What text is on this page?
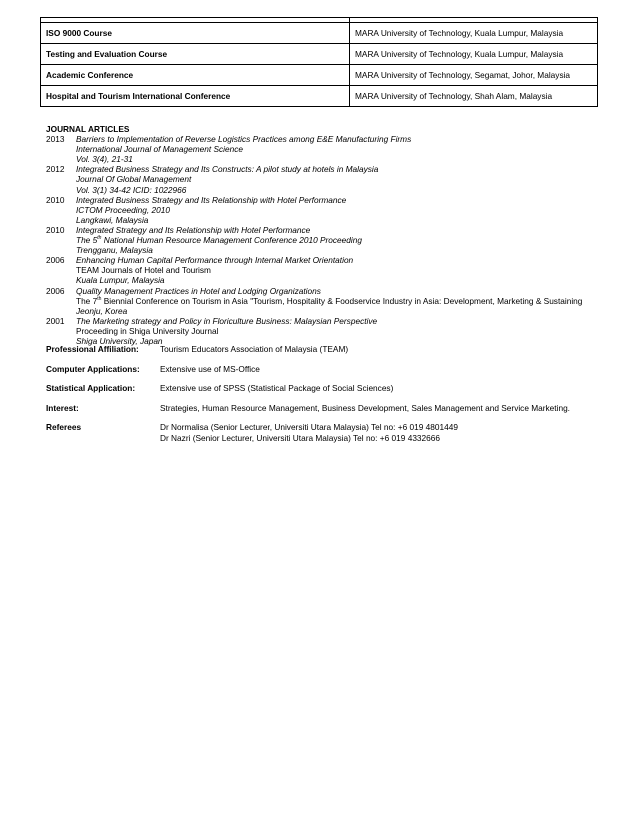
ISO 9000 Course	MARA University of Technology, Kuala Lumpur, Malaysia
Testing and Evaluation Course	MARA University of Technology, Kuala Lumpur, Malaysia
Academic Conference	MARA University of Technology, Segamat, Johor, Malaysia
Hospital and Tourism International Conference	MARA University of Technology, Shah Alam, Malaysia
JOURNAL ARTICLES
2013	Barriers to Implementation of Reverse Logistics Practices among E&E Manufacturing Firms
International Journal of Management Science
Vol. 3(4), 21-31
2012	Integrated Business Strategy and Its Constructs: A pilot study at hotels in Malaysia
Journal Of Global Management
Vol. 3(1) 34-42 ICID: 1022966
2010	Integrated Business Strategy and Its Relationship with Hotel Performance
ICTOM Proceeding, 2010
Langkawi, Malaysia
2010	Integrated Strategy and Its Relationship with Hotel Performance
The 5th National Human Resource Management Conference 2010 Proceeding
Trengganu, Malaysia
2006	Enhancing Human Capital Performance through Internal Market Orientation
TEAM Journals of Hotel and Tourism
Kuala Lumpur, Malaysia
2006	Quality Management Practices in Hotel and Lodging Organizations
The 7th Biennial Conference on Tourism in Asia "Tourism, Hospitality & Foodservice Industry in Asia: Development, Marketing & Sustaining
Jeonju, Korea
2001	The Marketing strategy and Policy in Floriculture Business: Malaysian Perspective
Proceeding in Shiga University Journal
Shiga University, Japan
Professional Affiliation:	Tourism Educators Association of Malaysia (TEAM)
Computer Applications:	Extensive use of MS-Office
Statistical Application:	Extensive use of SPSS (Statistical Package of Social Sciences)
Interest:	Strategies, Human Resource Management, Business Development, Sales Management and Service Marketing.
Referees	Dr Normalisa (Senior Lecturer, Universiti Utara Malaysia) Tel no: +6 019 4801449
Dr Nazri (Senior Lecturer, Universiti Utara Malaysia) Tel no: +6 019 4332666
